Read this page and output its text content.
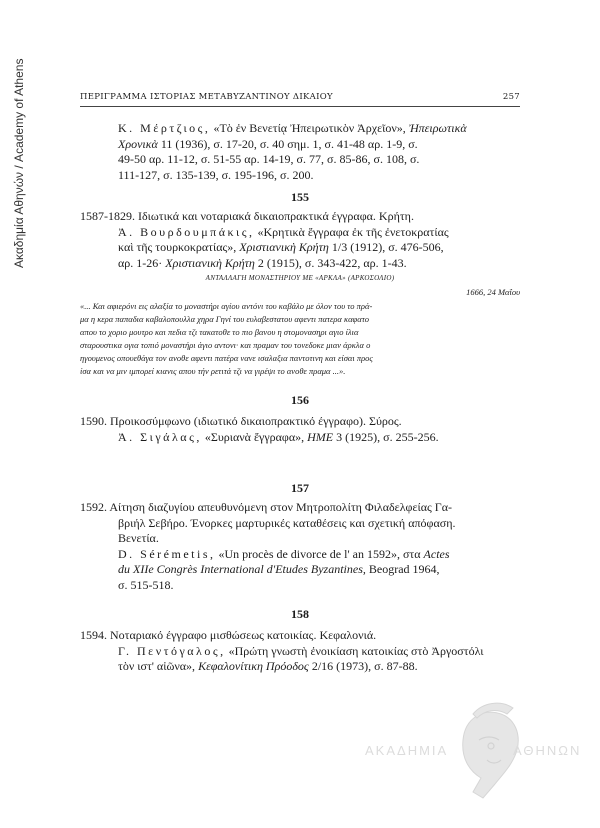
Ακαδημία Αθηνών / Academy of Athens	ΠΕΡΙΓΡΑΜΜΑ ΙΣΤΟΡΙΑΣ ΜΕΤΑΒΥΖΑΝΤΙΝΟΥ ΔΙΚΑΙΟΥ	257
Κ. Μέρτζιος, «Τὸ ἐν Βενετίᾳ Ἠπειρωτικὸν Ἀρχεῖον», Ἠπειρωτικὰ
Χρονικὰ 11 (1936), σ. 17-20, σ. 40 σημ. 1, σ. 41-48 αρ. 1-9, σ.
49-50 αρ. 11-12, σ. 51-55 αρ. 14-19, σ. 77, σ. 85-86, σ. 108, σ.
111-127, σ. 135-139, σ. 195-196, σ. 200.
155
1587-1829. Ιδιωτικά και νοταριακά δικαιοπρακτικά έγγραφα. Κρήτη.
Ἀ. Βουρδουμπάκις, «Κρητικὰ ἔγγραφα ἐκ τῆς ἐνετοκρατίας
καὶ τῆς τουρκοκρατίας», Χριστιανικὴ Κρήτη 1/3 (1912), σ. 476-506,
αρ. 1-26· Χριστιανικὴ Κρήτη 2 (1915), σ. 343-422, αρ. 1-43.
ΑΝΤΑΛΛΑΓΗ ΜΟΝΑΣΤΗΡΙΟΥ ΜΕ «ΑΡΚΛΑ» (ΑΡΚΟΣΟΛΙΟ)
1666, 24 Μαΐου
«... Και αφιερόνι εις αλαξία το μοναστήρι αγίου αντόνι του καβάλο με όλον του το πρά-
μα η κερα παπαδια καβαλοπουλλα χηρα Γηνί του ευλαβεστατου αφεντι πατερα καφατο
απου το χοριο μουτρο και πεδια τζι τακατοθε το πιο βανου η στομονασηρι αγιο ίλια
σταρουστικα ογια τοπιό μοναστήρι άγιο αντονι· και πραμαν του τονεδοκε μιαν άρκλα ο
ηγουμενος οπουεθάγα τον ανοθε αφεντι πατέρα νανε ισαλαξια παντοτινη και είσαι προς
ίσα και να μιν ιμπορεί κιανις απου τήν ρετιτά τζι να γιρέψι το ανοθε πραμα ...».
156
1590. Προικοσύμφωνο (ιδιωτικό δικαιοπρακτικό έγγραφο). Σύρος.
Ἀ. Σιγάλας, «Συριανὰ ἔγγραφα», ΗΜΕ 3 (1925), σ. 255-256.
157
1592. Αίτηση διαζυγίου απευθυνόμενη στον Μητροπολίτη Φιλαδελφείας Γα-
βριήλ Σεβήρο. Ένορκες μαρτυρικές καταθέσεις και σχετική απόφαση.
Βενετία.
D. Sérémetis, «Un procès de divorce de l' an 1592», στα Actes
du XIIe Congrès International d'Etudes Byzantines, Beograd 1964,
σ. 515-518.
158
1594. Νοταριακό έγγραφο μισθώσεως κατοικίας. Κεφαλονιά.
Γ. Πεντόγαλος, «Πρώτη γνωστὴ ἐνοικίαση κατοικίας στὸ Ἀργοστόλι
τὸν ιστ' αἰῶνα», Κεφαλονίτικη Πρόοδος 2/16 (1973), σ. 87-88.
ΑΚΑΔΗΜΙΑ	ΑΘΗΝΩΝ
